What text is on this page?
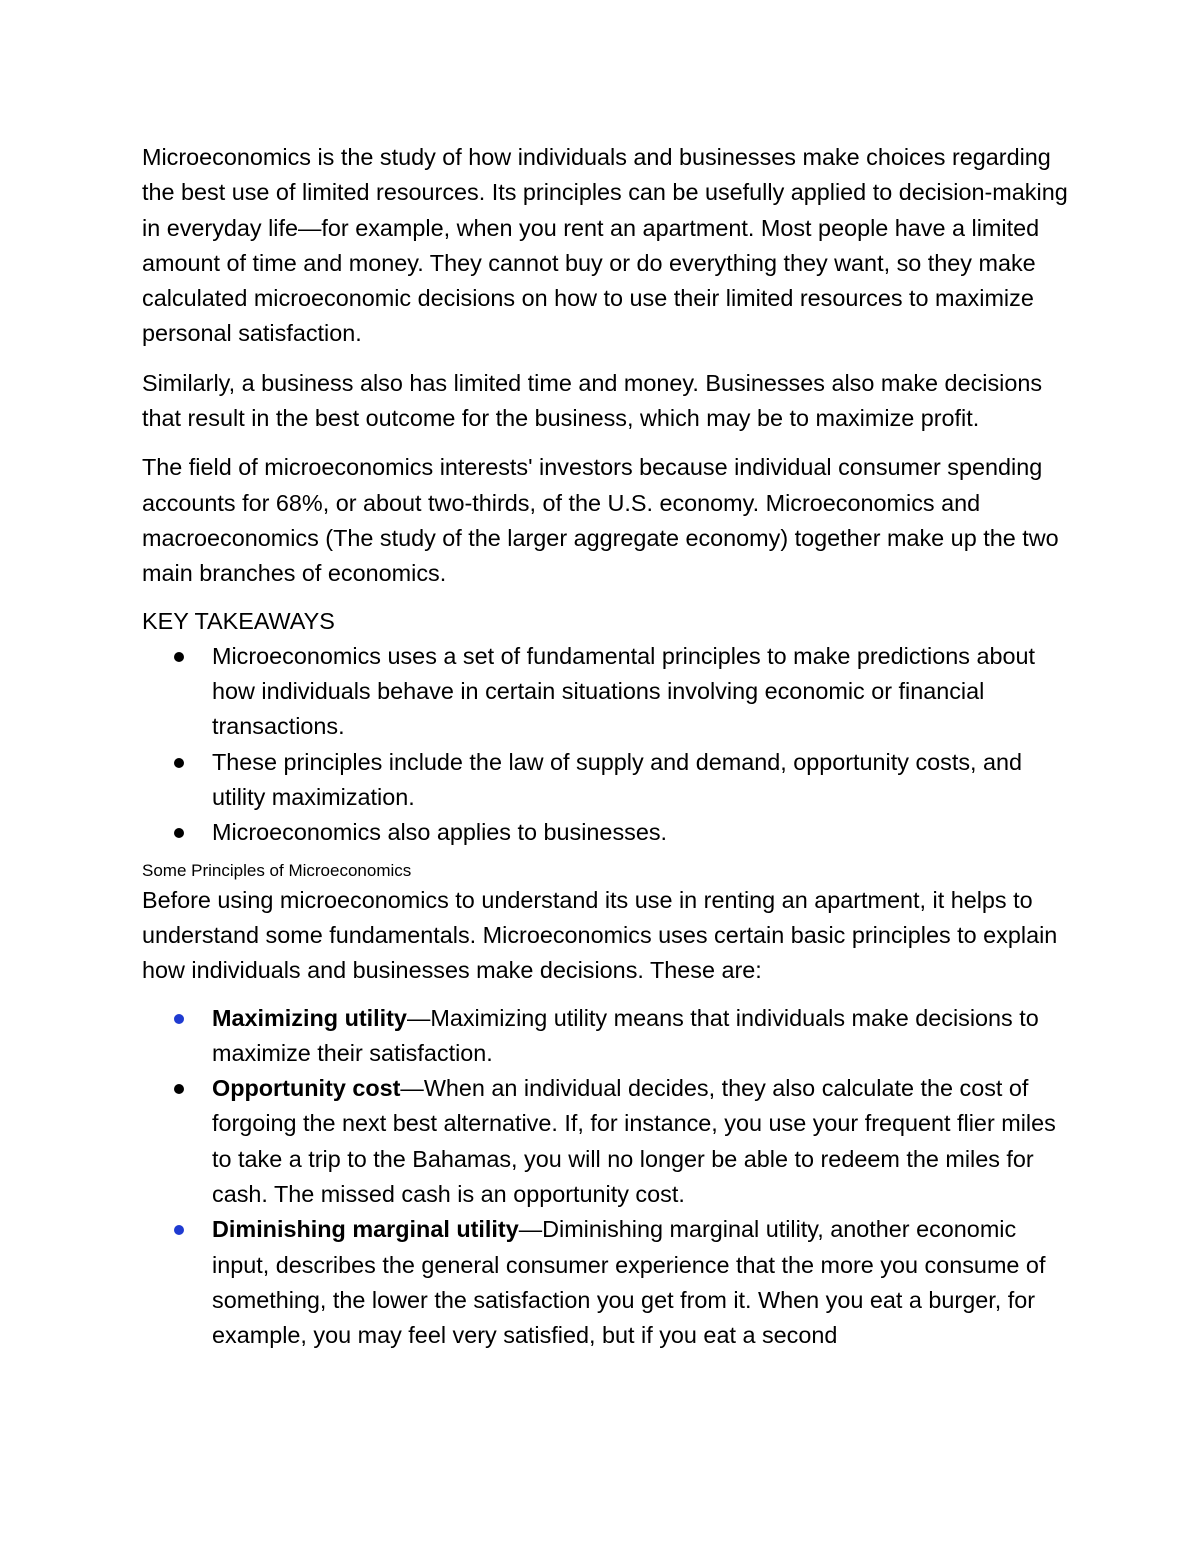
Microeconomics is the study of how individuals and businesses make choices regarding the best use of limited resources. Its principles can be usefully applied to decision-making in everyday life—for example, when you rent an apartment. Most people have a limited amount of time and money. They cannot buy or do everything they want, so they make calculated microeconomic decisions on how to use their limited resources to maximize personal satisfaction.

Similarly, a business also has limited time and money. Businesses also make decisions that result in the best outcome for the business, which may be to maximize profit.

The field of microeconomics interests' investors because individual consumer spending accounts for 68%, or about two-thirds, of the U.S. economy. Microeconomics and macroeconomics (The study of the larger aggregate economy) together make up the two main branches of economics.

KEY TAKEAWAYS
Microeconomics uses a set of fundamental principles to make predictions about how individuals behave in certain situations involving economic or financial transactions.
These principles include the law of supply and demand, opportunity costs, and utility maximization.
Microeconomics also applies to businesses.
Some Principles of Microeconomics

Before using microeconomics to understand its use in renting an apartment, it helps to understand some fundamentals. Microeconomics uses certain basic principles to explain how individuals and businesses make decisions. These are:

Maximizing utility—Maximizing utility means that individuals make decisions to maximize their satisfaction.
Opportunity cost—When an individual decides, they also calculate the cost of forgoing the next best alternative. If, for instance, you use your frequent flier miles to take a trip to the Bahamas, you will no longer be able to redeem the miles for cash. The missed cash is an opportunity cost.
Diminishing marginal utility—Diminishing marginal utility, another economic input, describes the general consumer experience that the more you consume of something, the lower the satisfaction you get from it. When you eat a burger, for example, you may feel very satisfied, but if you eat a second
